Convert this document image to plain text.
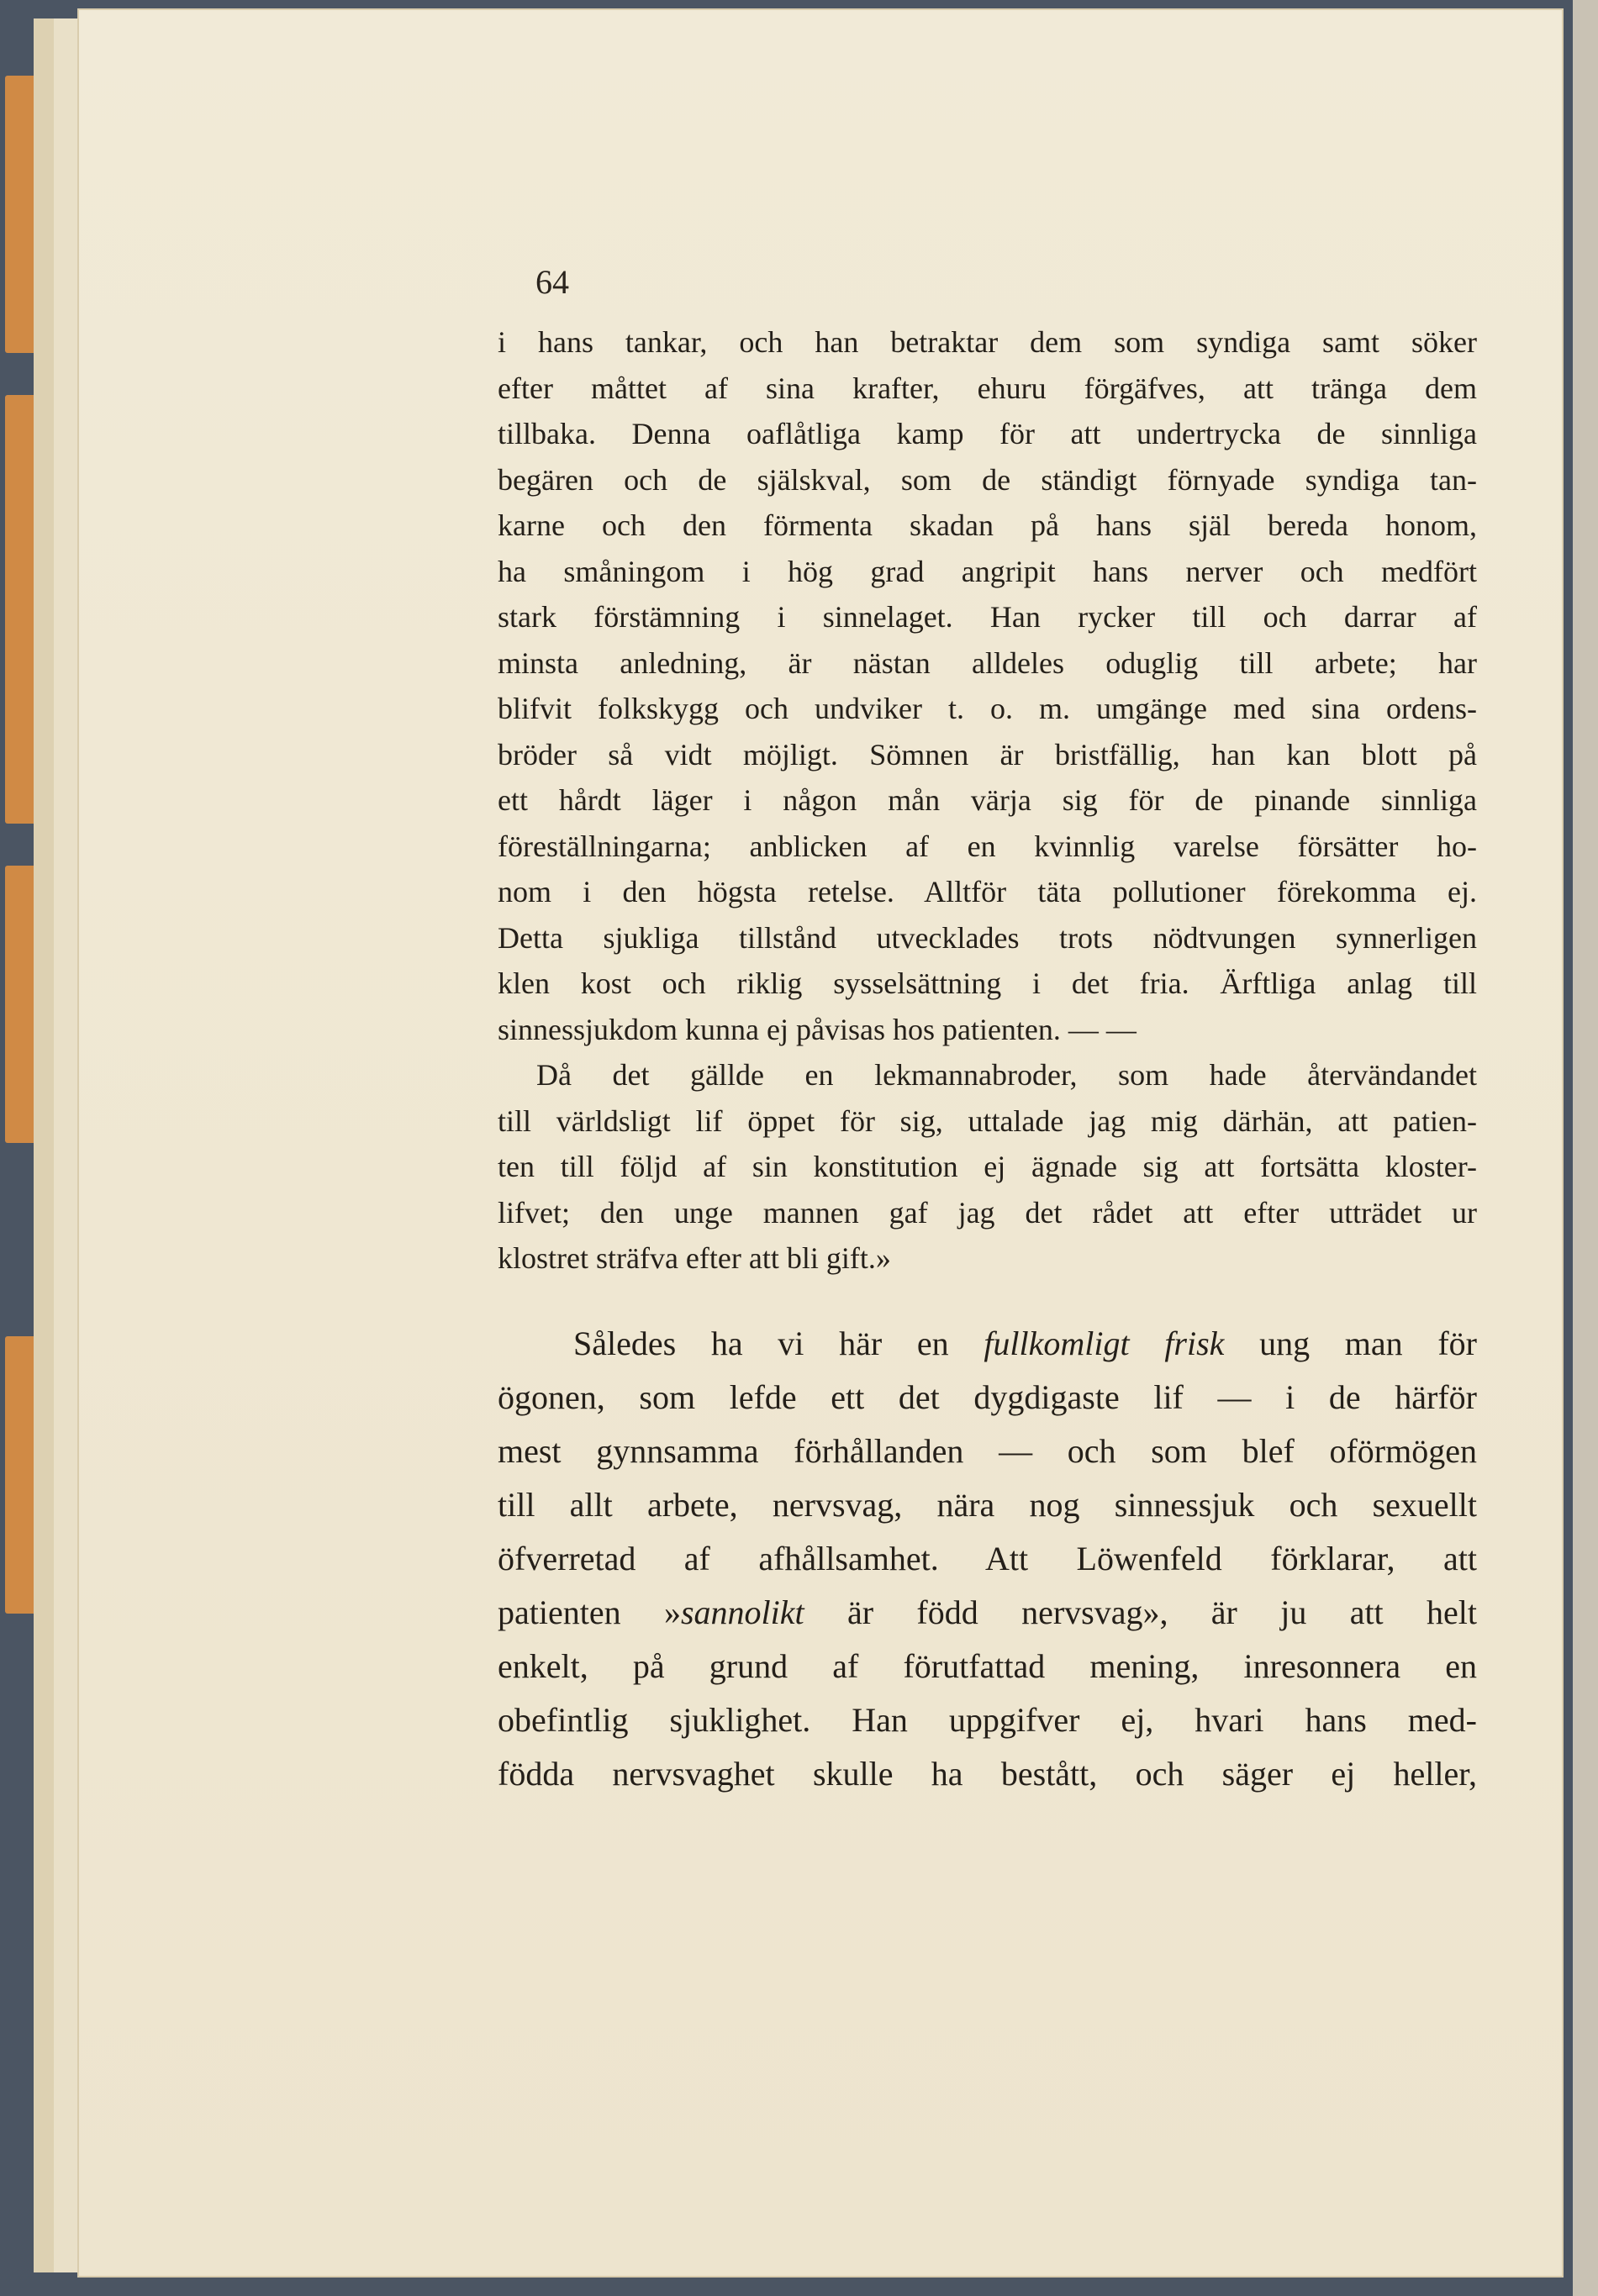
64
i hans tankar, och han betraktar dem som syndiga samt söker
efter måttet af sina krafter, ehuru förgäfves, att tränga dem
tillbaka. Denna oaflåtliga kamp för att undertrycka de sinnliga
begären och de själskval, som de ständigt förnyade syndiga tan-
karne och den förmenta skadan på hans själ bereda honom,
ha småningom i hög grad angripit hans nerver och medfört
stark förstämning i sinnelaget. Han rycker till och darrar af
minsta anledning, är nästan alldeles oduglig till arbete; har
blifvit folkskygg och undviker t. o. m. umgänge med sina ordens-
bröder så vidt möjligt. Sömnen är bristfällig, han kan blott på
ett hårdt läger i någon mån värja sig för de pinande sinnliga
föreställningarna; anblicken af en kvinnlig varelse försätter ho-
nom i den högsta retelse. Alltför täta pollutioner förekomma ej.
Detta sjukliga tillstånd utvecklades trots nödtvungen synnerligen
klen kost och riklig sysselsättning i det fria. Ärftliga anlag till
sinnessjukdom kunna ej påvisas hos patienten. — —
Då det gällde en lekmannabroder, som hade återvändandet
till världsligt lif öppet för sig, uttalade jag mig därhän, att patien-
ten till följd af sin konstitution ej ägnade sig att fortsätta kloster-
lifvet; den unge mannen gaf jag det rådet att efter utträdet ur
klostret sträfva efter att bli gift.»
Således ha vi här en fullkomligt frisk ung man för
ögonen, som lefde ett det dygdigaste lif — i de härför
mest gynnsamma förhållanden — och som blef oförmögen
till allt arbete, nervsvag, nära nog sinnessjuk och sexuellt
öfverretad af afhållsamhet. Att Löwenfeld förklarar, att
patienten »sannolikt är född nervsvag», är ju att helt
enkelt, på grund af förutfattad mening, inresonnera en
obefintlig sjuklighet. Han uppgifver ej, hvari hans med-
födda nervsvaghet skulle ha bestått, och säger ej heller,
